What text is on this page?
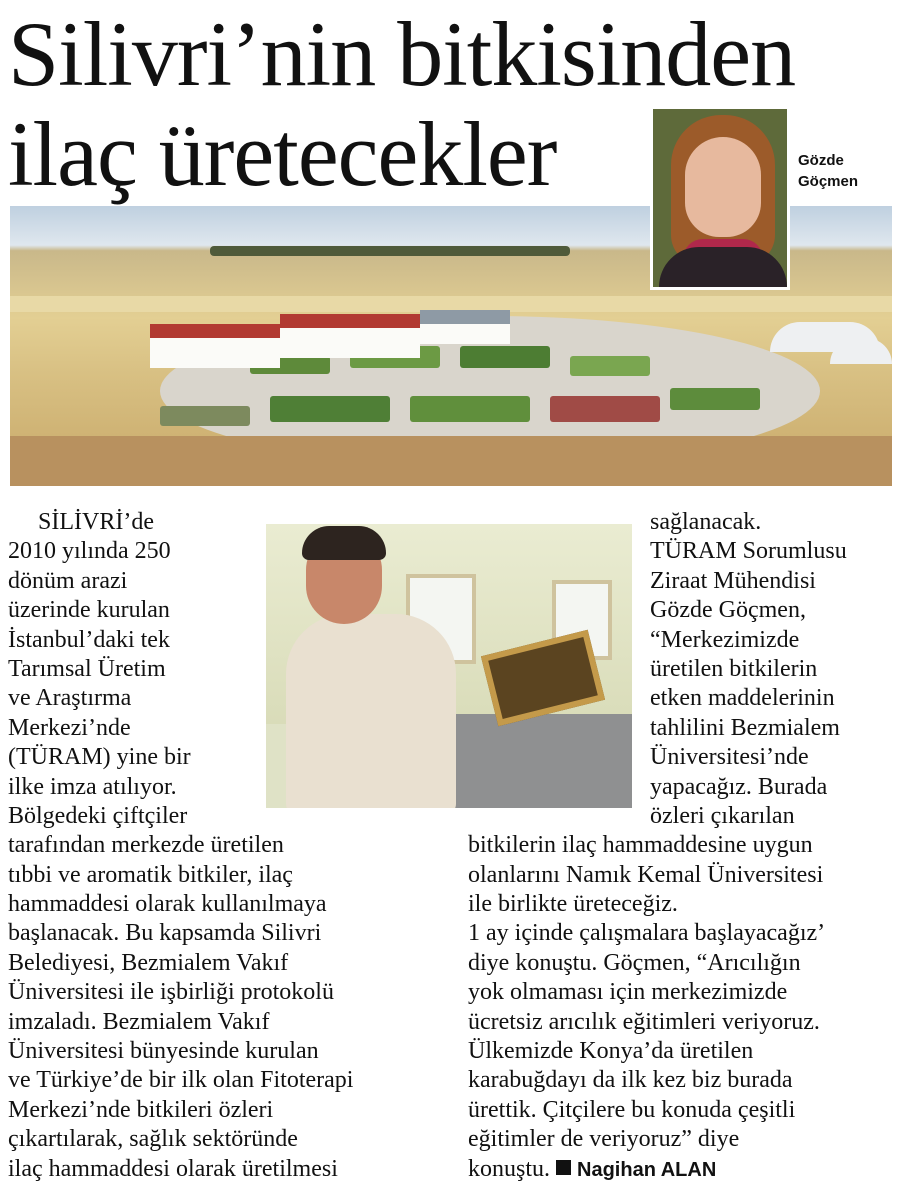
Silivri’nin bitkisinden
ilaç üretecekler	Gözde
Göçmen
SİLİVRİ’de
2010 yılında 250
dönüm arazi
üzerinde kurulan
İstanbul’daki tek
Tarımsal Üretim
ve Araştırma
Merkezi’nde
(TÜRAM) yine bir
ilke imza atılıyor.
Bölgedeki çiftçiler
tarafından merkezde üretilen
tıbbi ve aromatik bitkiler, ilaç
hammaddesi olarak kullanılmaya
başlanacak. Bu kapsamda Silivri
Belediyesi, Bezmialem Vakıf
Üniversitesi ile işbirliği protokolü
imzaladı. Bezmialem Vakıf
Üniversitesi bünyesinde kurulan
ve Türkiye’de bir ilk olan Fitoterapi
Merkezi’nde bitkileri özleri
çıkartılarak, sağlık sektöründe
ilaç hammaddesi olarak üretilmesi
sağlanacak.
TÜRAM Sorumlusu
Ziraat Mühendisi
Gözde Göçmen,
“Merkezimizde
üretilen bitkilerin
etken maddelerinin
tahlilini Bezmialem
Üniversitesi’nde
yapacağız. Burada
özleri çıkarılan
bitkilerin ilaç hammaddesine uygun
olanlarını Namık Kemal Üniversitesi
ile birlikte üreteceğiz.
1 ay içinde çalışmalara başlayacağız’
diye konuştu. Göçmen, “Arıcılığın
yok olmaması için merkezimizde
ücretsiz arıcılık eğitimleri veriyoruz.
Ülkemizde Konya’da üretilen
karabuğdayı da ilk kez biz burada
ürettik. Çitçilere bu konuda çeşitli
eğitimler de veriyoruz” diye
konuştu. Nagihan ALAN
